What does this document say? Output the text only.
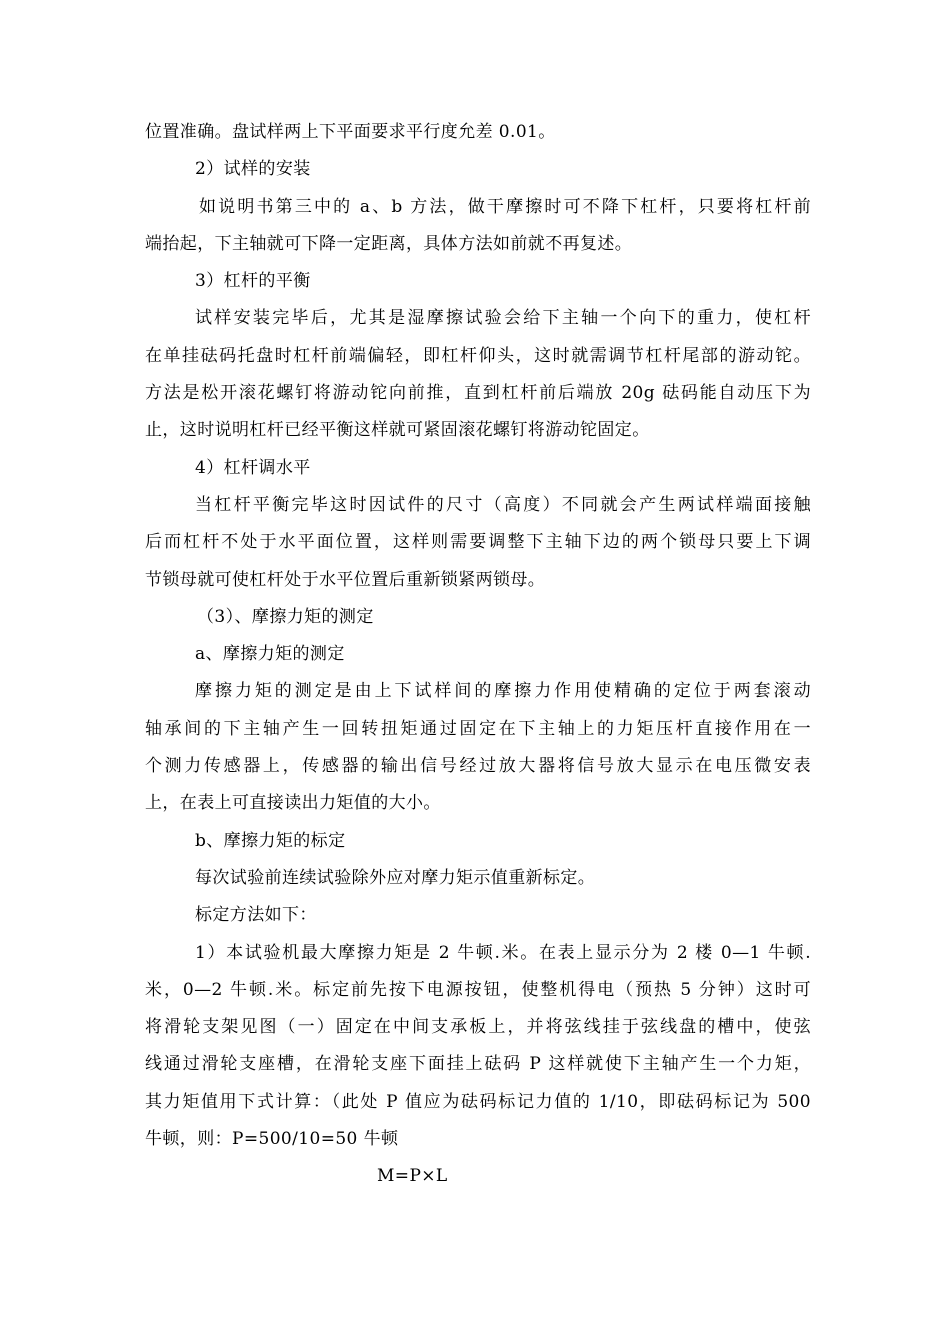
位置准确。盘试样两上下平面要求平行度允差 0.01。
2）试样的安装
如说明书第三中的 a、b 方法，做干摩擦时可不降下杠杆，只要将杠杆前
端抬起，下主轴就可下降一定距离，具体方法如前就不再复述。
3）杠杆的平衡
试样安装完毕后，尤其是湿摩擦试验会给下主轴一个向下的重力，使杠杆
在单挂砝码托盘时杠杆前端偏轻，即杠杆仰头，这时就需调节杠杆尾部的游动铊。
方法是松开滚花螺钉将游动铊向前推，直到杠杆前后端放 20g 砝码能自动压下为
止，这时说明杠杆已经平衡这样就可紧固滚花螺钉将游动铊固定。
4）杠杆调水平
当杠杆平衡完毕这时因试件的尺寸（高度）不同就会产生两试样端面接触
后而杠杆不处于水平面位置，这样则需要调整下主轴下边的两个锁母只要上下调
节锁母就可使杠杆处于水平位置后重新锁紧两锁母。
（3）、摩擦力矩的测定
a、摩擦力矩的测定
摩擦力矩的测定是由上下试样间的摩擦力作用使精确的定位于两套滚动
轴承间的下主轴产生一回转扭矩通过固定在下主轴上的力矩压杆直接作用在一
个测力传感器上，传感器的输出信号经过放大器将信号放大显示在电压微安表
上，在表上可直接读出力矩值的大小。
b、摩擦力矩的标定
每次试验前连续试验除外应对摩力矩示值重新标定。
标定方法如下：
1）本试验机最大摩擦力矩是 2 牛顿.米。在表上显示分为 2 楼 0—1 牛顿.
米，0—2 牛顿.米。标定前先按下电源按钮，使整机得电（预热 5 分钟）这时可
将滑轮支架见图（一）固定在中间支承板上，并将弦线挂于弦线盘的槽中，使弦
线通过滑轮支座槽，在滑轮支座下面挂上砝码 P 这样就使下主轴产生一个力矩，
其力矩值用下式计算：（此处 P 值应为砝码标记力值的 1/10，即砝码标记为 500
牛顿，则：P=500/10=50 牛顿
M=P×L
